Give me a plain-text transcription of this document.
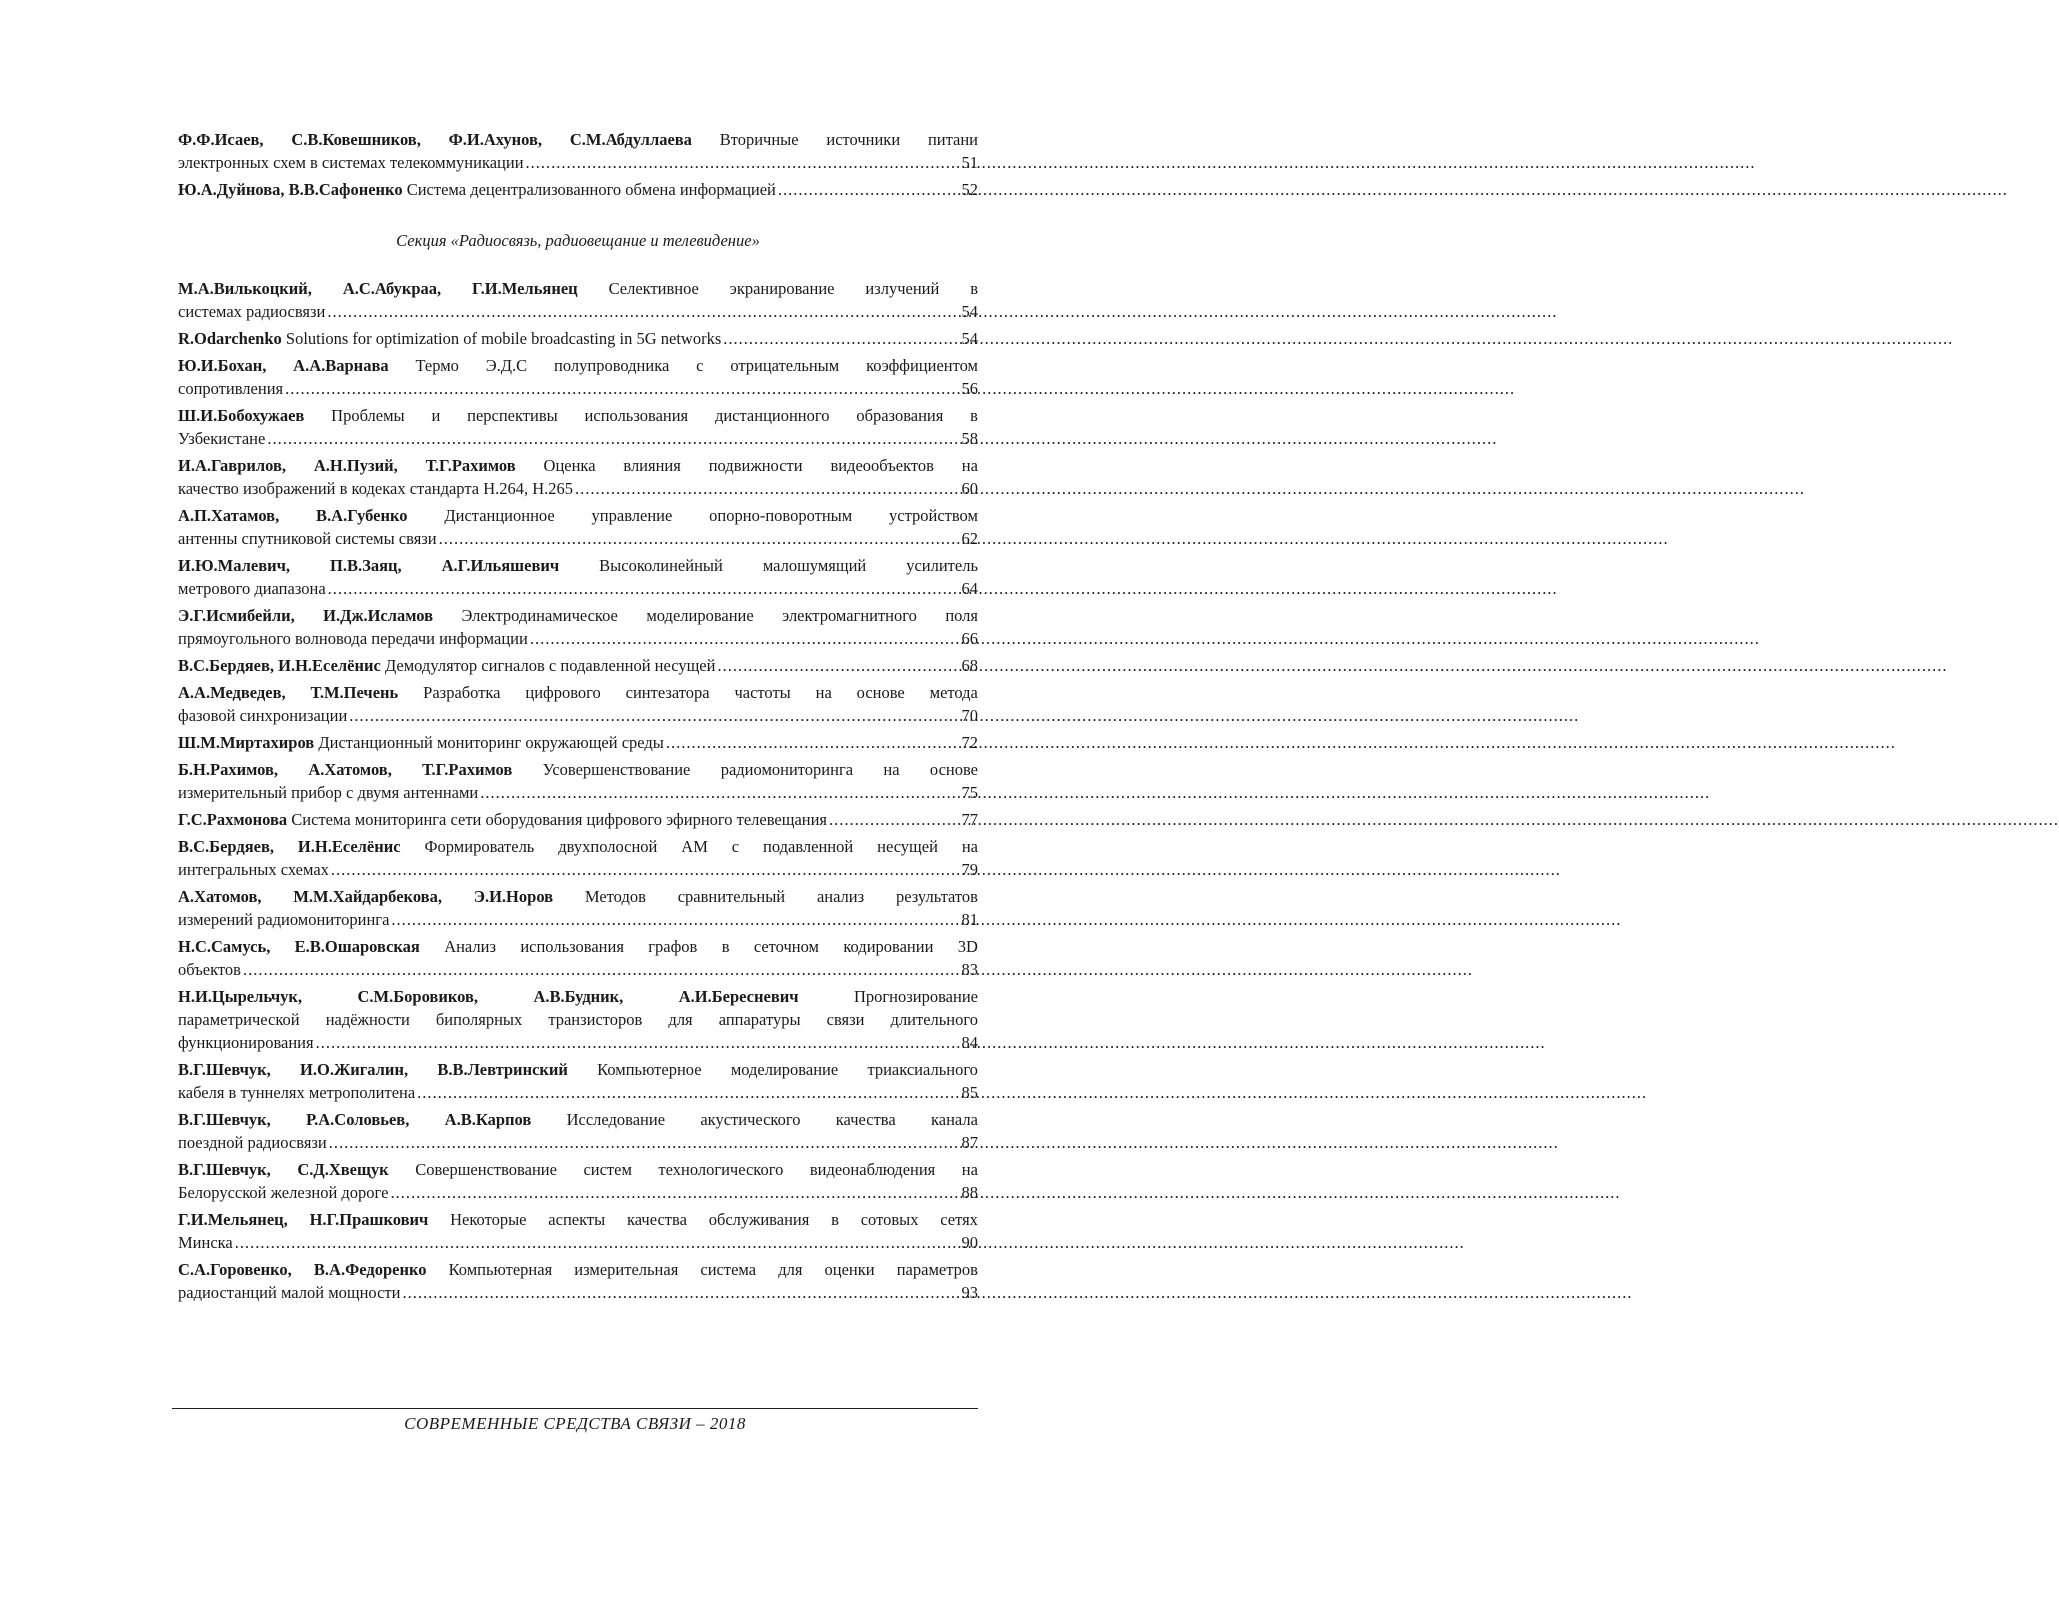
Ф.Ф.Исаев, С.В.Ковешников, Ф.И.Ахунов, С.М.Абдуллаева Вторичные источники питани
электронных схем в системах телекоммуникации .....	51
Ю.А.Дуйнова, В.В.Сафоненко Система децентрализованного обмена информацией .....	52
Секция «Радиосвязь, радиовещание и телевидение»
М.А.Вилькоцкий, А.С.Абукраа, Г.И.Мельянец Селективное экранирование излучений в
системах радиосвязи .....	54
R.Odarchenko Solutions for optimization of mobile broadcasting in 5G networks .....	54
Ю.И.Бохан, А.А.Варнава Термо Э.Д.С полупроводника с отрицательным коэффициентом
сопротивления .....	56
Ш.И.Бобохужаев Проблемы и перспективы использования дистанционного образования в
Узбекистане .....	58
И.А.Гаврилов, А.Н.Пузий, Т.Г.Рахимов Оценка влияния подвижности видеообъектов на
качество изображений в кодеках стандарта H.264, H.265 .....	60
А.П.Хатамов, В.А.Губенко Дистанционное управление опорно-поворотным устройством
антенны спутниковой системы связи .....	62
И.Ю.Малевич, П.В.Заяц, А.Г.Ильяшевич Высоколинейный малошумящий усилитель
метрового диапазона .....	64
Э.Г.Исмибейли, И.Дж.Исламов Электродинамическое моделирование электромагнитного поля
прямоугольного волновода передачи информации .....	66
В.С.Бердяев, И.Н.Еселёнис Демодулятор сигналов с подавленной несущей .....	68
А.А.Медведев, Т.М.Печень Разработка цифрового синтезатора частоты на основе метода
фазовой синхронизации .....	70
Ш.М.Миртахиров Дистанционный мониторинг окружающей среды .....	72
Б.Н.Рахимов, А.Хатомов, Т.Г.Рахимов Усовершенствование радиомониторинга на основе
измерительный прибор с двумя антеннами .....	75
Г.С.Рахмонова Система мониторинга сети оборудования цифрового эфирного телевещания .....	77
В.С.Бердяев, И.Н.Еселёнис Формирователь двухполосной АМ с подавленной несущей на
интегральных схемах .....	79
А.Хатомов, М.М.Хайдарбекова, Э.И.Норов Методов сравнительный анализ результатов
измерений радиомониторинга .....	81
Н.С.Самусь, Е.В.Ошаровская Анализ использования графов в сеточном кодировании 3D
объектов .....	83
Н.И.Цырельчук,	С.М.Боровиков,	А.В.Будник,	А.И.Бересневич	Прогнозирование
параметрической надёжности биполярных транзисторов для аппаратуры связи длительного
функционирования .....	84
В.Г.Шевчук, И.О.Жигалин, В.В.Левтринский Компьютерное моделирование триаксиального
кабеля в туннелях метрополитена .....	85
В.Г.Шевчук, Р.А.Соловьев, А.В.Карпов Исследование акустического качества канала
поездной радиосвязи .....	87
В.Г.Шевчук, С.Д.Хвещук Совершенствование систем технологического видеонаблюдения на
Белорусской железной дороге .....	88
Г.И.Мельянец, Н.Г.Прашкович Некоторые аспекты качества обслуживания в сотовых сетях
Минска .....	90
С.А.Горовенко, В.А.Федоренко Компьютерная измерительная система для оценки параметров
радиостанций малой мощности .....	93
СОВРЕМЕННЫЕ СРЕДСТВА СВЯЗИ – 2018
